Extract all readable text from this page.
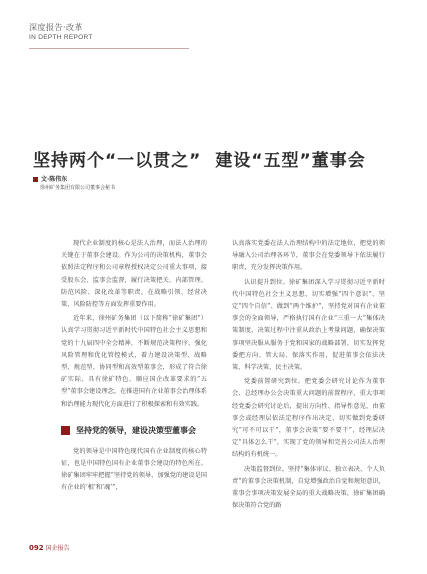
深度报告·改革
IN DEPTH REPORT
坚持两个“一以贯之” 建设“五型”董事会
文·陈伟东
徐州矿务集团有限公司董事会秘书

现代企业制度的核心是法人治理，而法人治理的关键在于董事会建设。作为公司的决策机构，董事会依照法定程序和公司章程授权决定公司重大事项，接受股东会、监事会监督，履行决策把关、内部管理、防范风险、深化改革等职责，在战略引领、经营决策、风险防控等方面发挥重要作用。

近年来，徐州矿务集团（以下简称“徐矿集团”）认真学习贯彻习近平新时代中国特色社会主义思想和党的十九届四中全会精神，不断规范决策程序、强化风险管理和优化管控模式，着力建设决策型、战略型、规范型、协同型和高效型董事会，形成了符合徐矿实际、具有徐矿特色、顺应国企改革要求的“五型”董事会建设理念，在推进国有企业董事会治理体系和治理能力现代化方面进行了积极探索和有效实践。

坚持党的领导，建设决策型董事会

党的领导是中国特色现代国有企业制度的核心特征，也是中国特色国有企业董事会建设的特色所在。徐矿集团牢牢把握“坚持党的领导、加强党的建设是国有企业的‘根’和‘魂’”，

认真落实党委在法人治理结构中的法定地位，把党的领导融入公司治理各环节，董事会在党委领导下依法履行职责，充分发挥决策作用。

认识提升到位。徐矿集团深入学习贯彻习近平新时代中国特色社会主义思想，切实增强“四个意识”、坚定“四个自信”、做到“两个维护”，坚持党对国有企业董事会的全面领导，严格执行国有企业“三重一大”集体决策制度，决策过程中注重从政治上考量问题，确保决策事项坚决服从服务于党和国家的战略部署，切实发挥党委把方向、管大局、保落实作用，促进董事会依法决策、科学决策、民主决策。

党委前置研究到位。把党委会研究讨论作为董事会、总经理办公会决策重大问题的前置程序，重大事项经党委会研究讨论后，提出方向性、指导性意见，由董事会或经理层依法定程序作出决定，切实做到党委研究“可不可以干”，董事会决策“要不要干”，经理层决定“具体怎么干”，实现了党的领导和完善公司法人治理结构的有机统一。

决策监督到位。坚持“集体审议、独立表决、个人负责”的董事会决策机制，自觉增强政治自觉和规矩意识，董事会事项决策发展全局的重大战略决策，徐矿集团确保决策符合党的路

092 国企报告
